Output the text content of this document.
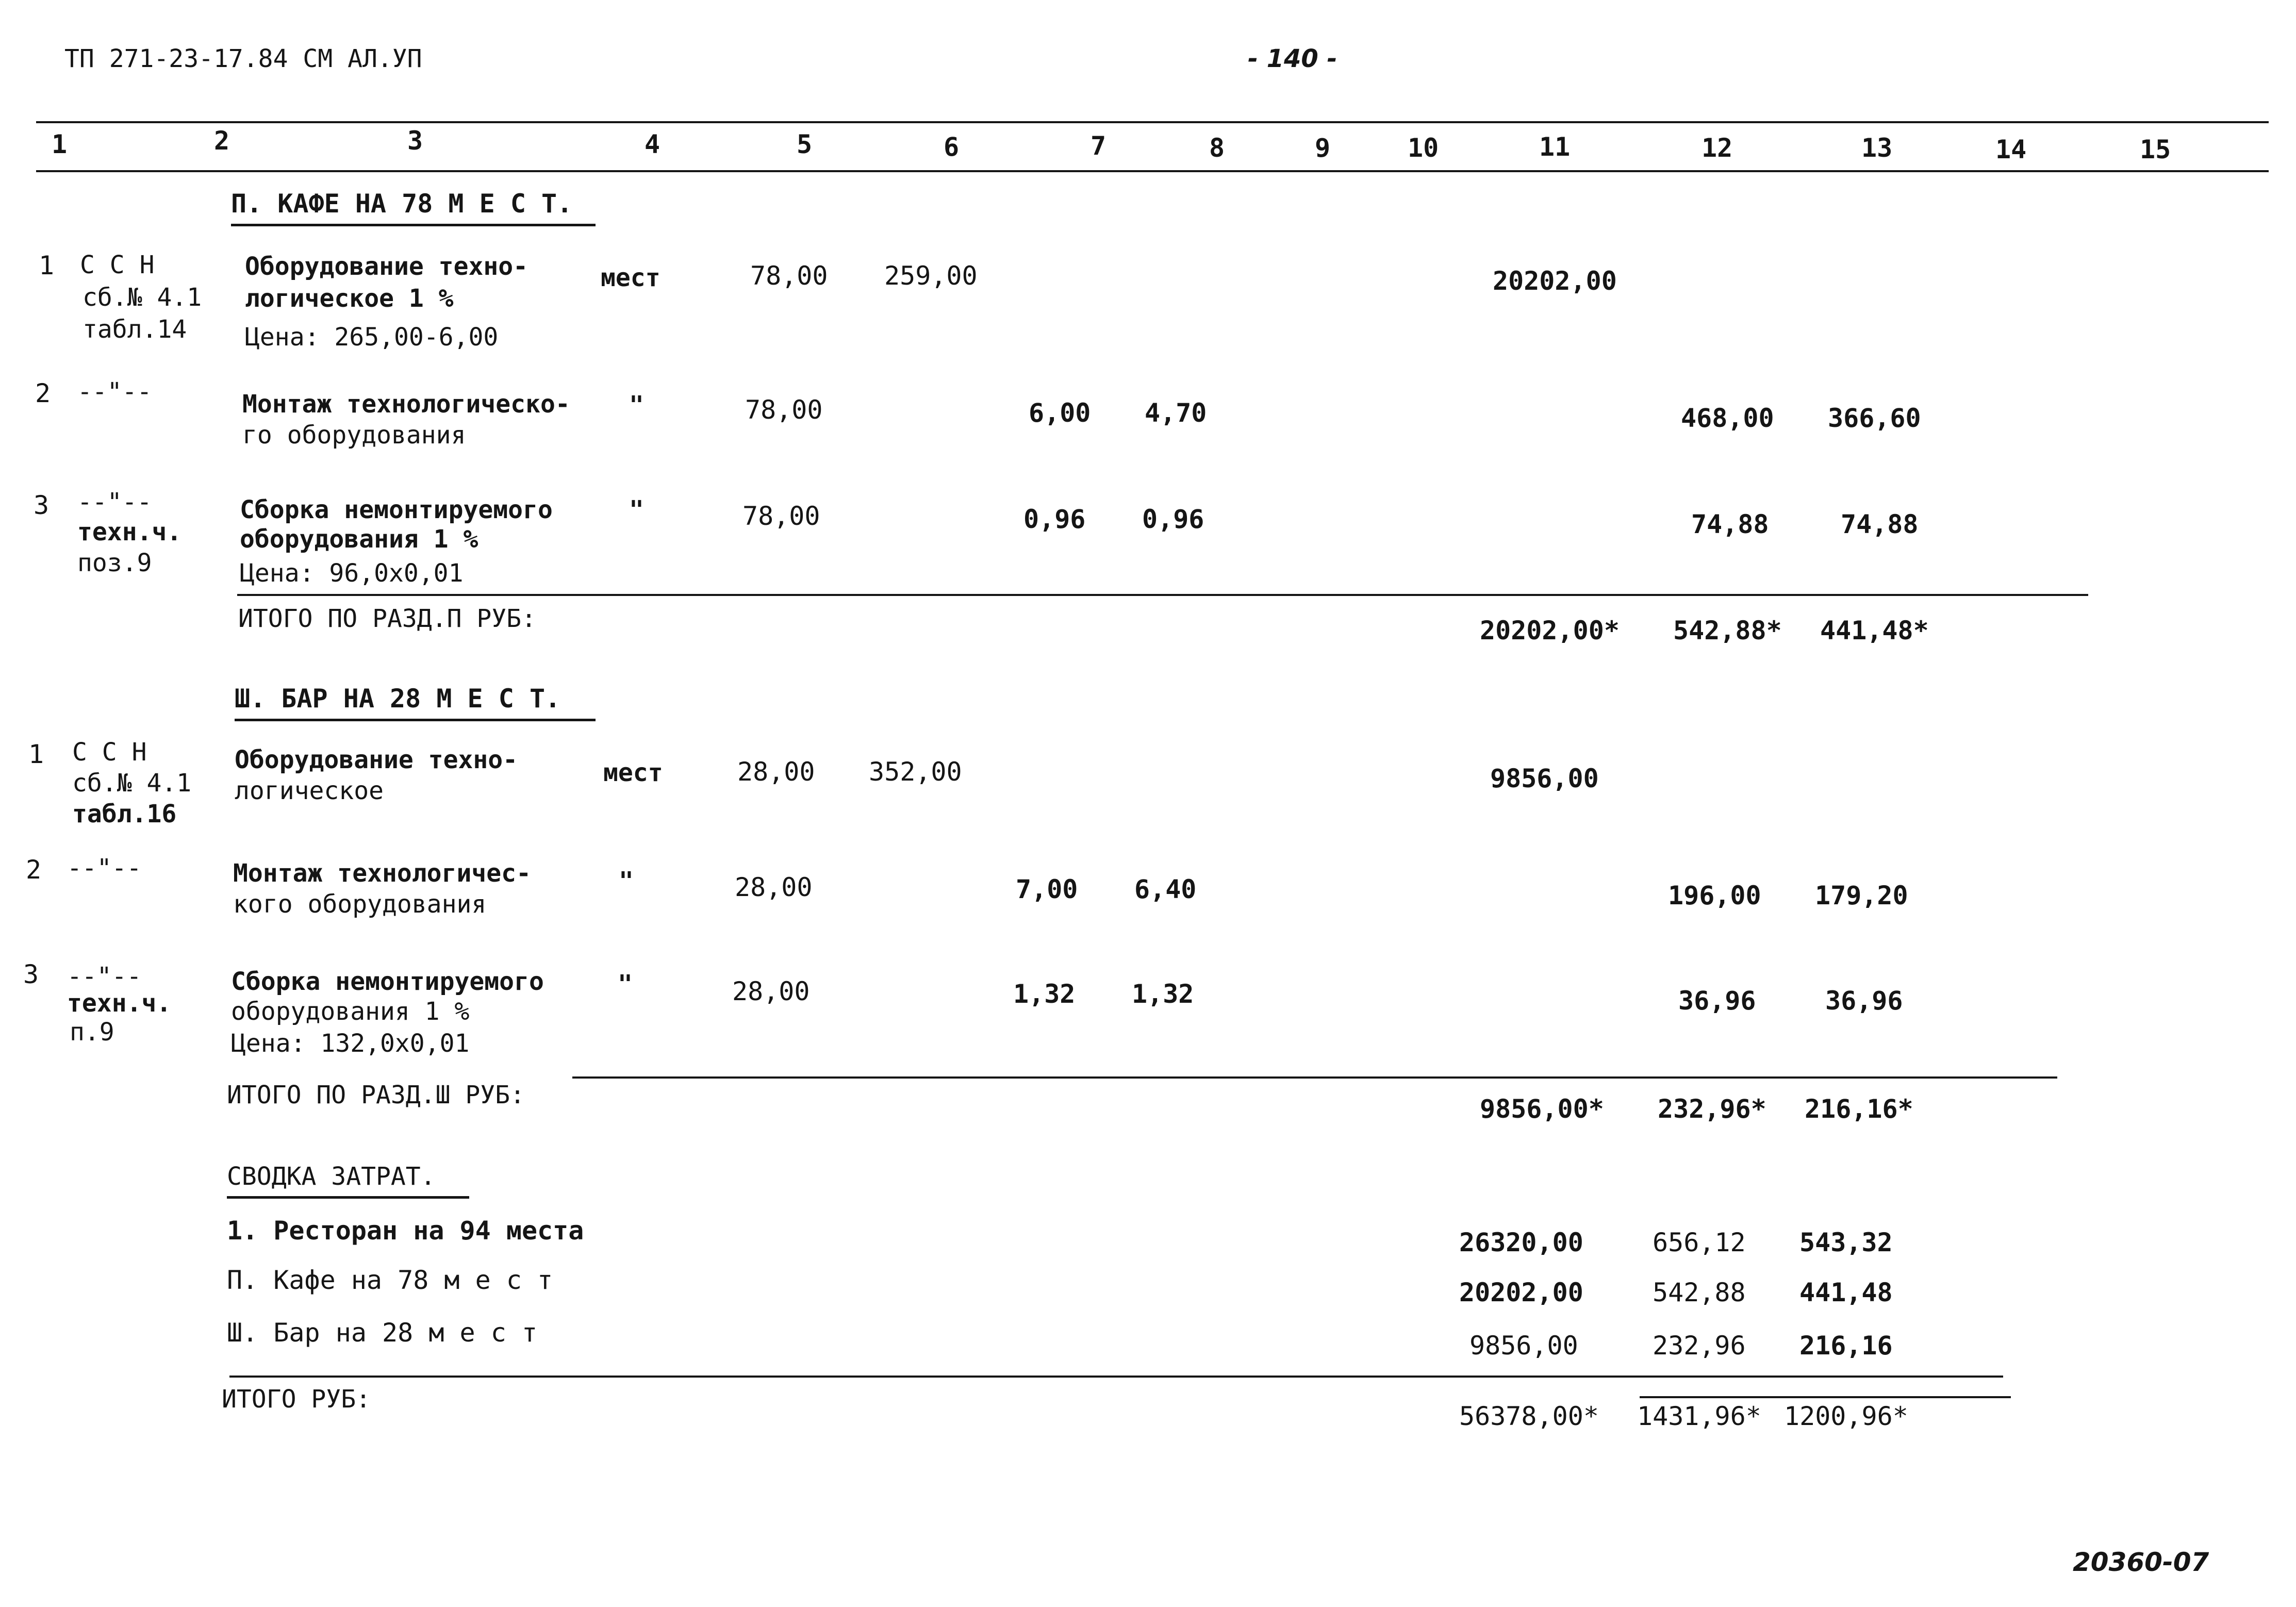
ТП 271-23-17.84 СМ АЛ.УП	- 140 -
1	2	3	4	5	6	7	8	9	10	11	12	13	14	15
П. КАФЕ НА 78 М Е С Т.
1 С С Н
сб.№ 4.1
табл.14
Оборудование техно-
логическое 1 %
Цена: 265,00-6,00
мест	78,00 259,00	20202,00
2 --"--	Монтаж технологическо-
го оборудования
"	78,00	6,00 4,70	468,00 366,60
3 --"--
техн.ч.
поз.9
Сборка немонтируемого
оборудования 1 %
Цена: 96,0х0,01
"	78,00	0,96 0,96	74,88	74,88
ИТОГО ПО РАЗД.П РУБ:	20202,00* 542,88* 441,48*
Ш. БАР НА 28 М Е С Т.
1 С С Н
сб.№ 4.1
табл.16
Оборудование техно-
логическое
мест	28,00 352,00	9856,00
2 --"--	Монтаж технологичес-
кого оборудования
"	28,00	7,00 6,40	196,00 179,20
3 --"--
техн.ч.
п.9
Сборка немонтируемого
оборудования 1 %
Цена: 132,0х0,01
"	28,00	1,32 1,32	36,96	36,96
ИТОГО ПО РАЗД.Ш РУБ:	9856,00* 232,96* 216,16*
СВОДКА ЗАТРАТ.
1. Ресторан на 94 места	26320,00	656,12 543,32
П. Кафе на 78 м е с т	20202,00	542,88 441,48
Ш. Бар на 28 м е с т	9856,00	232,96 216,16
ИТОГО РУБ:
56378,00* 1431,96* 1200,96*
20360-07
